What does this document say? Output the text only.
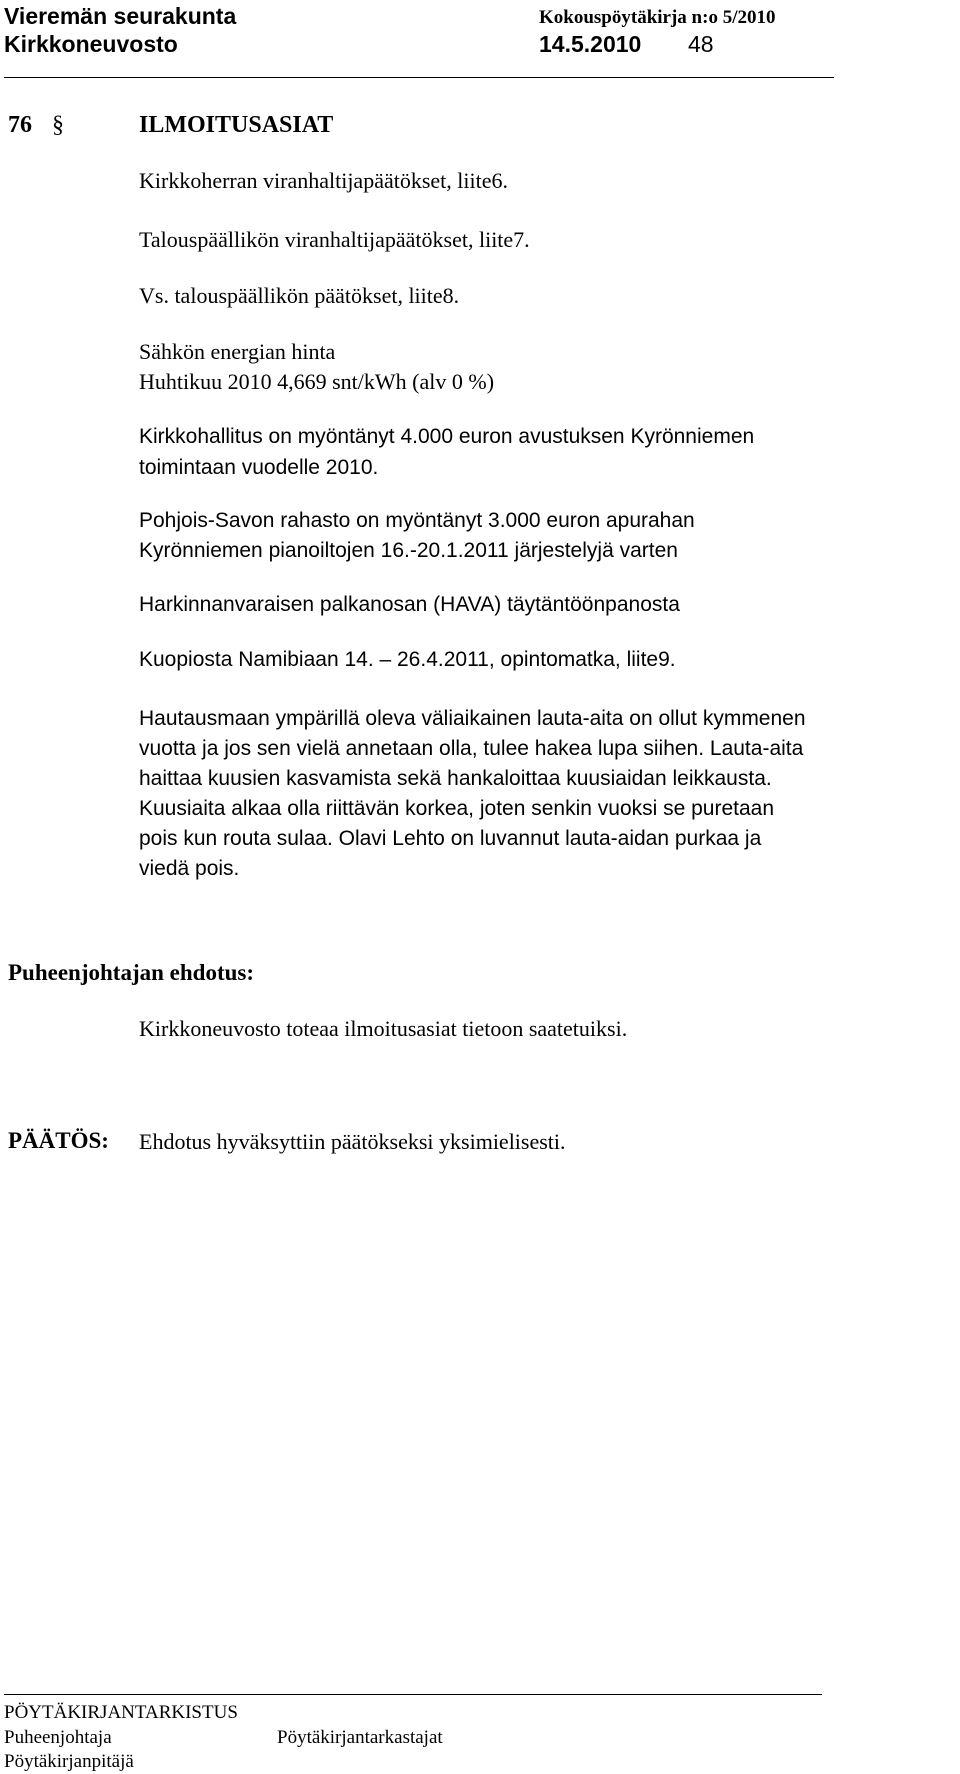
Vieremän seurakunta	Kokouspöytäkirja n:o 5/2010
Kirkkoneuvosto	14.5.2010 48
76 §	ILMOITUSASIAT
Kirkkoherran viranhaltijapäätökset, liite6.
Talouspäällikön viranhaltijapäätökset, liite7.
Vs. talouspäällikön päätökset, liite8.
Sähkön energian hinta
Huhtikuu 2010 4,669 snt/kWh (alv 0 %)
Kirkkohallitus on myöntänyt 4.000 euron avustuksen Kyrönniemen
toimintaan vuodelle 2010.
Pohjois-Savon rahasto on myöntänyt 3.000 euron apurahan
Kyrönniemen pianoiltojen 16.-20.1.2011 järjestelyjä varten
Harkinnanvaraisen palkanosan (HAVA) täytäntöönpanosta
Kuopiosta Namibiaan 14. – 26.4.2011, opintomatka, liite9.
Hautausmaan ympärillä oleva väliaikainen lauta-aita on ollut kymmenen
vuotta ja jos sen vielä annetaan olla, tulee hakea lupa siihen. Lauta-aita
haittaa kuusien kasvamista sekä hankaloittaa kuusiaidan leikkausta.
Kuusiaita alkaa olla riittävän korkea, joten senkin vuoksi se puretaan
pois kun routa sulaa. Olavi Lehto on luvannut lauta-aidan purkaa ja
viedä pois.
Puheenjohtajan ehdotus:
Kirkkoneuvosto toteaa ilmoitusasiat tietoon saatetuiksi.
PÄÄTÖS: Ehdotus hyväksyttiin päätökseksi yksimielisesti.
PÖYTÄKIRJANTARKISTUS
Puheenjohtaja	Pöytäkirjantarkastajat
Pöytäkirjanpitäjä
